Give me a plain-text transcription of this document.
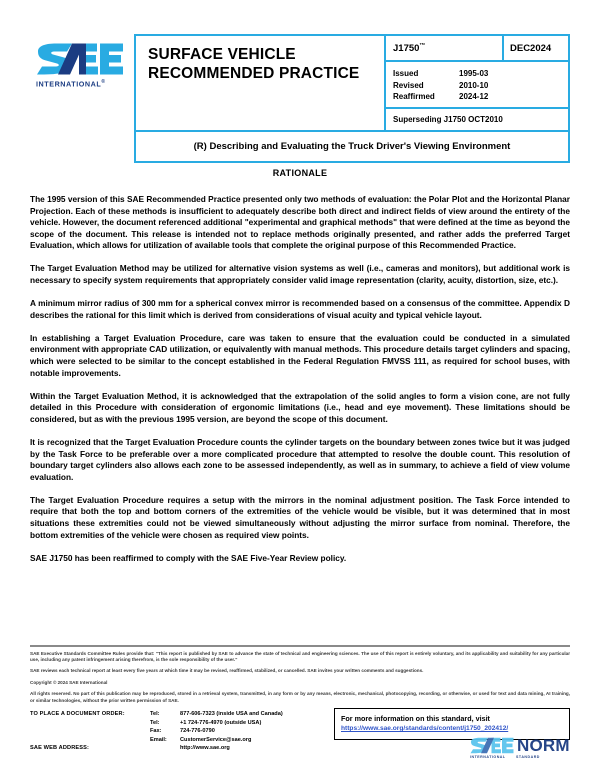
INTERNATIONAL®
SURFACE VEHICLE
RECOMMENDED PRACTICE
J1750™	DEC2024
Issued	1995-03
Revised	2010-10
Reaffirmed	2024-12
Superseding J1750 OCT2010
(R) Describing and Evaluating the Truck Driver's Viewing Environment
RATIONALE

The 1995 version of this SAE Recommended Practice presented only two methods of evaluation: the Polar Plot and the Horizontal Planar Projection. Each of these methods is insufficient to adequately describe both direct and indirect fields of view around the entirety of the vehicle. However, the document referenced additional "experimental and graphical methods" that were defined at the time as beyond the scope of the document. This release is intended not to replace methods originally presented, and rather adds the preferred Target Evaluation, which allows for utilization of available tools that complete the original purpose of this Recommended Practice.

The Target Evaluation Method may be utilized for alternative vision systems as well (i.e., cameras and monitors), but additional work is necessary to specify system requirements that appropriately consider valid image representation (clarity, acuity, distortion, size, etc.).

A minimum mirror radius of 300 mm for a spherical convex mirror is recommended based on a consensus of the committee. Appendix D describes the rational for this limit which is derived from considerations of visual acuity and typical vehicle layout.

In establishing a Target Evaluation Procedure, care was taken to ensure that the evaluation could be conducted in a simulated environment with appropriate CAD utilization, or equivalently with manual methods. This procedure details target cylinders and spacing, which were selected to be similar to the concept established in the Federal Regulation FMVSS 111, as required for school buses, with notable improvements.

Within the Target Evaluation Method, it is acknowledged that the extrapolation of the solid angles to form a vision cone, are not fully detailed in this Procedure with consideration of ergonomic limitations (i.e., head and eye movement). These limitations should be considered, but as with the previous 1995 version, are beyond the scope of this document.

It is recognized that the Target Evaluation Procedure counts the cylinder targets on the boundary between zones twice but it was judged by the Task Force to be preferable over a more complicated procedure that attempted to resolve the double count. This resolution of boundary target cylinders also allows each zone to be assessed independently, as well as in summary, to achieve a field of view volume evaluation.

The Target Evaluation Procedure requires a setup with the mirrors in the nominal adjustment position. The Task Force intended to require that both the top and bottom corners of the extremities of the vehicle would be visible, but it was determined that in most situations these extremities could not be viewed simultaneously without adjusting the mirror surface from nominal. Therefore, the bottom extremities of the vehicle were chosen as required view points.

SAE J1750 has been reaffirmed to comply with the SAE Five-Year Review policy.

SAE Executive Standards Committee Rules provide that: "This report is published by SAE to advance the state of technical and engineering sciences. The use of this report is entirely voluntary, and its applicability and suitability for any particular use, including any patent infringement arising therefrom, is the sole responsibility of the user."
SAE reviews each technical report at least every five years at which time it may be revised, reaffirmed, stabilized, or cancelled. SAE invites your written comments and suggestions.
Copyright © 2024 SAE International
All rights reserved. No part of this publication may be reproduced, stored in a retrieval system, transmitted, in any form or by any means, electronic, mechanical, photocopying, recording, or otherwise, or used for text and data mining, AI training, or similar technologies, without the prior written permission of SAE.
TO PLACE A DOCUMENT ORDER:	Tel:	877-606-7323 (inside USA and Canada)
Tel:	+1 724-776-4970 (outside USA)
Fax:	724-776-0790
Email:	CustomerService@sae.org
SAE WEB ADDRESS:	http://www.sae.org
For more information on this standard, visit
https://www.sae.org/standards/content/j1750_202412/
NORM
INTERNATIONAL	STANDARD
